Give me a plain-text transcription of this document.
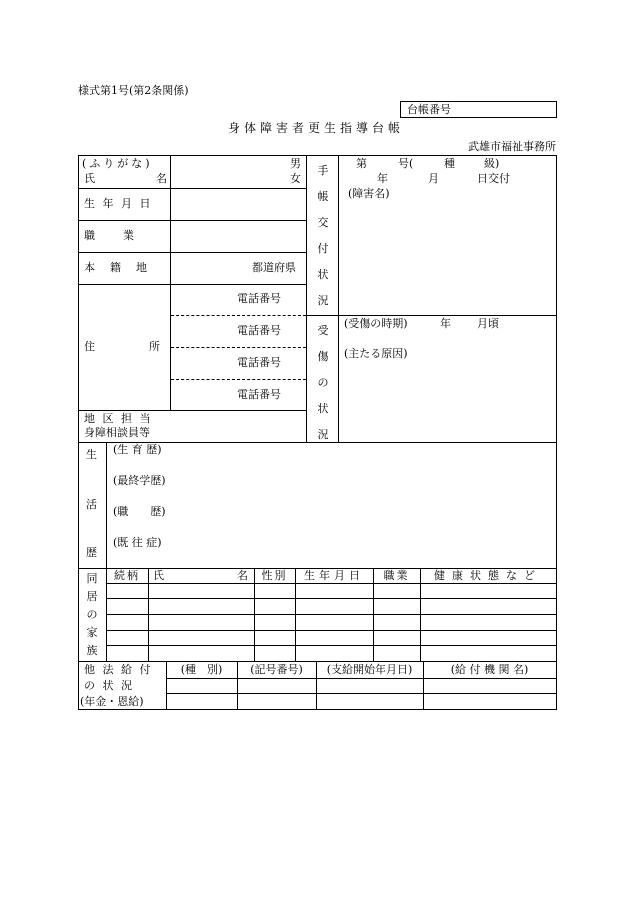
様式第1号(第2条関係)
台帳番号
身体障害者更生指導台帳
武雄市福祉事務所
(ふりがな)
氏	名
男
女
生 年 月 日
職　　業
本　籍　地	都道府県
住　　　　所
電話番号
電話番号
電話番号
電話番号
地 区 担 当
身障相談員等
手
帳
交
付
状
況
第	号(	種	級)
年	月	日交付
(障害名)
受
傷
の
状
況
(受傷の時期)	年 月頃
(主たる原因)
生
活
歴
(生 育 歴)
(最終学歴)
(職　　歴)
(既 往 症)
同
居
の
家
族
続柄	氏	名	性別	生年月日	職業	健康状態など
他 法 給 付
の 状 況
(年金・恩給)
(種　別)	(記号番号)	(支給開始年月日)	(給 付 機 関 名)
